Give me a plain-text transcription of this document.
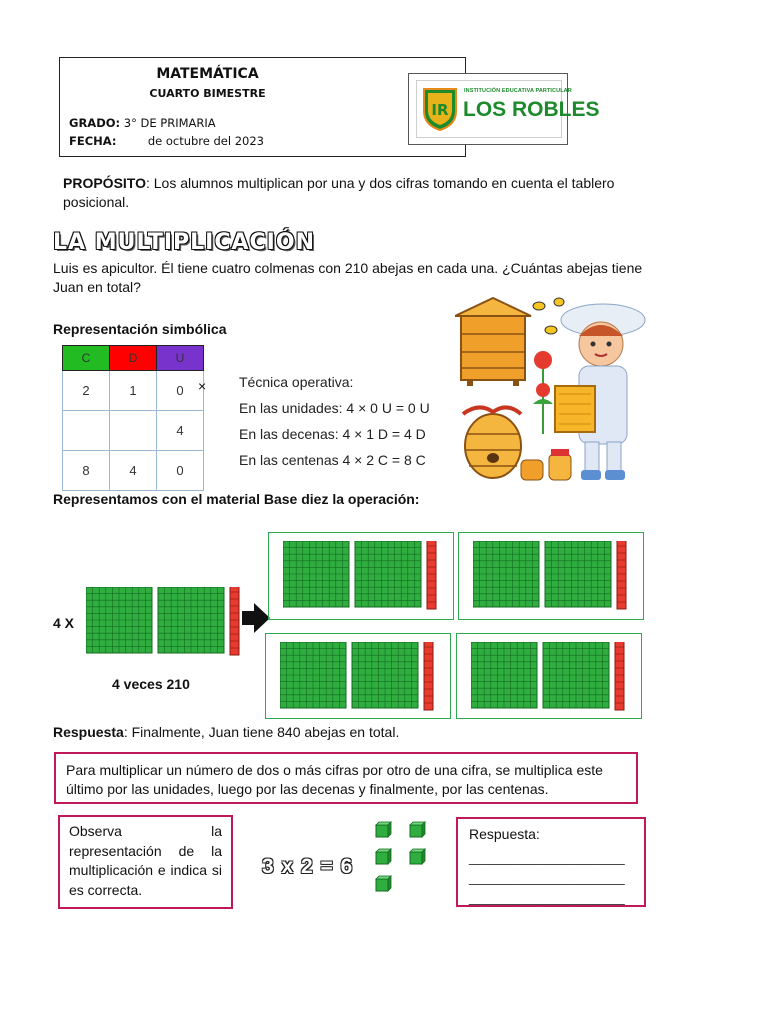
MATEMÁTICA
CUARTO BIMESTRE
GRADO: 3° DE PRIMARIA
FECHA:	de octubre del 2023
IR
INSTITUCIÓN EDUCATIVA PARTICULAR
LOS ROBLES
PROPÓSITO: Los alumnos multiplican por una y dos cifras tomando en cuenta el tablero posicional.
LA MULTIPLICACIÓN
Luis es apicultor. Él tiene cuatro colmenas con 210 abejas en cada una. ¿Cuántas abejas tiene Juan en total?
Representación simbólica
C	D	U
2	1	0
		4
8	4	0
× Técnica operativa:
En las unidades: 4 × 0 U = 0 U
En las decenas: 4 × 1 D = 4 D
En las centenas 4 × 2 C = 8 C
Representamos con el material Base diez la operación:
4 X
4 veces 210
Respuesta: Finalmente, Juan tiene 840 abejas en total.
Para multiplicar un número de dos o más cifras por otro de una cifra, se multiplica este último por las unidades, luego por las decenas y finalmente, por las centenas.
Observa la representación de la multiplicación e indica si es correcta.
3 x 2 = 6
Respuesta:
____________________
____________________
____________________
